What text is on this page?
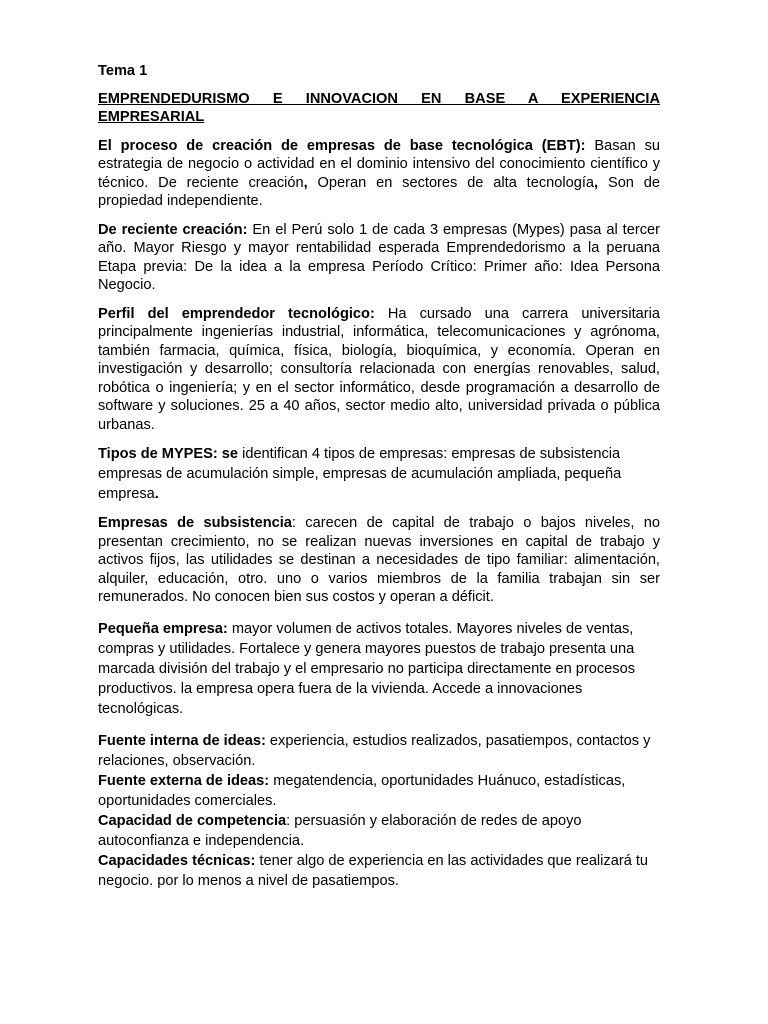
Tema 1

EMPRENDEDURISMO E INNOVACION EN BASE A EXPERIENCIA
EMPRESARIAL

El proceso de creación de empresas de base tecnológica (EBT): Basan su estrategia de negocio o actividad en el dominio intensivo del conocimiento científico y técnico. De reciente creación, Operan en sectores de alta tecnología, Son de propiedad independiente.

De reciente creación: En el Perú solo 1 de cada 3 empresas (Mypes) pasa al tercer año. Mayor Riesgo y mayor rentabilidad esperada Emprendedorismo a la peruana Etapa previa: De la idea a la empresa Período Crítico: Primer año: Idea Persona Negocio.

Perfil del emprendedor tecnológico: Ha cursado una carrera universitaria principalmente ingenierías industrial, informática, telecomunicaciones y agrónoma, también farmacia, química, física, biología, bioquímica, y economía. Operan en investigación y desarrollo; consultoría relacionada con energías renovables, salud, robótica o ingeniería; y en el sector informático, desde programación a desarrollo de software y soluciones. 25 a 40 años, sector medio alto, universidad privada o pública urbanas.

Tipos de MYPES: se identifican 4 tipos de empresas: empresas de subsistencia empresas de acumulación simple, empresas de acumulación ampliada, pequeña empresa.

Empresas de subsistencia: carecen de capital de trabajo o bajos niveles, no presentan crecimiento, no se realizan nuevas inversiones en capital de trabajo y activos fijos, las utilidades se destinan a necesidades de tipo familiar: alimentación, alquiler, educación, otro. uno o varios miembros de la familia trabajan sin ser remunerados. No conocen bien sus costos y operan a déficit.

Pequeña empresa: mayor volumen de activos totales. Mayores niveles de ventas, compras y utilidades. Fortalece y genera mayores puestos de trabajo presenta una marcada división del trabajo y el empresario no participa directamente en procesos productivos. la empresa opera fuera de la vivienda. Accede a innovaciones tecnológicas.

Fuente interna de ideas: experiencia, estudios realizados, pasatiempos, contactos y relaciones, observación.

Fuente externa de ideas: megatendencia, oportunidades Huánuco, estadísticas, oportunidades comerciales.

Capacidad de competencia: persuasión y elaboración de redes de apoyo autoconfianza e independencia.

Capacidades técnicas: tener algo de experiencia en las actividades que realizará tu negocio. por lo menos a nivel de pasatiempos.
